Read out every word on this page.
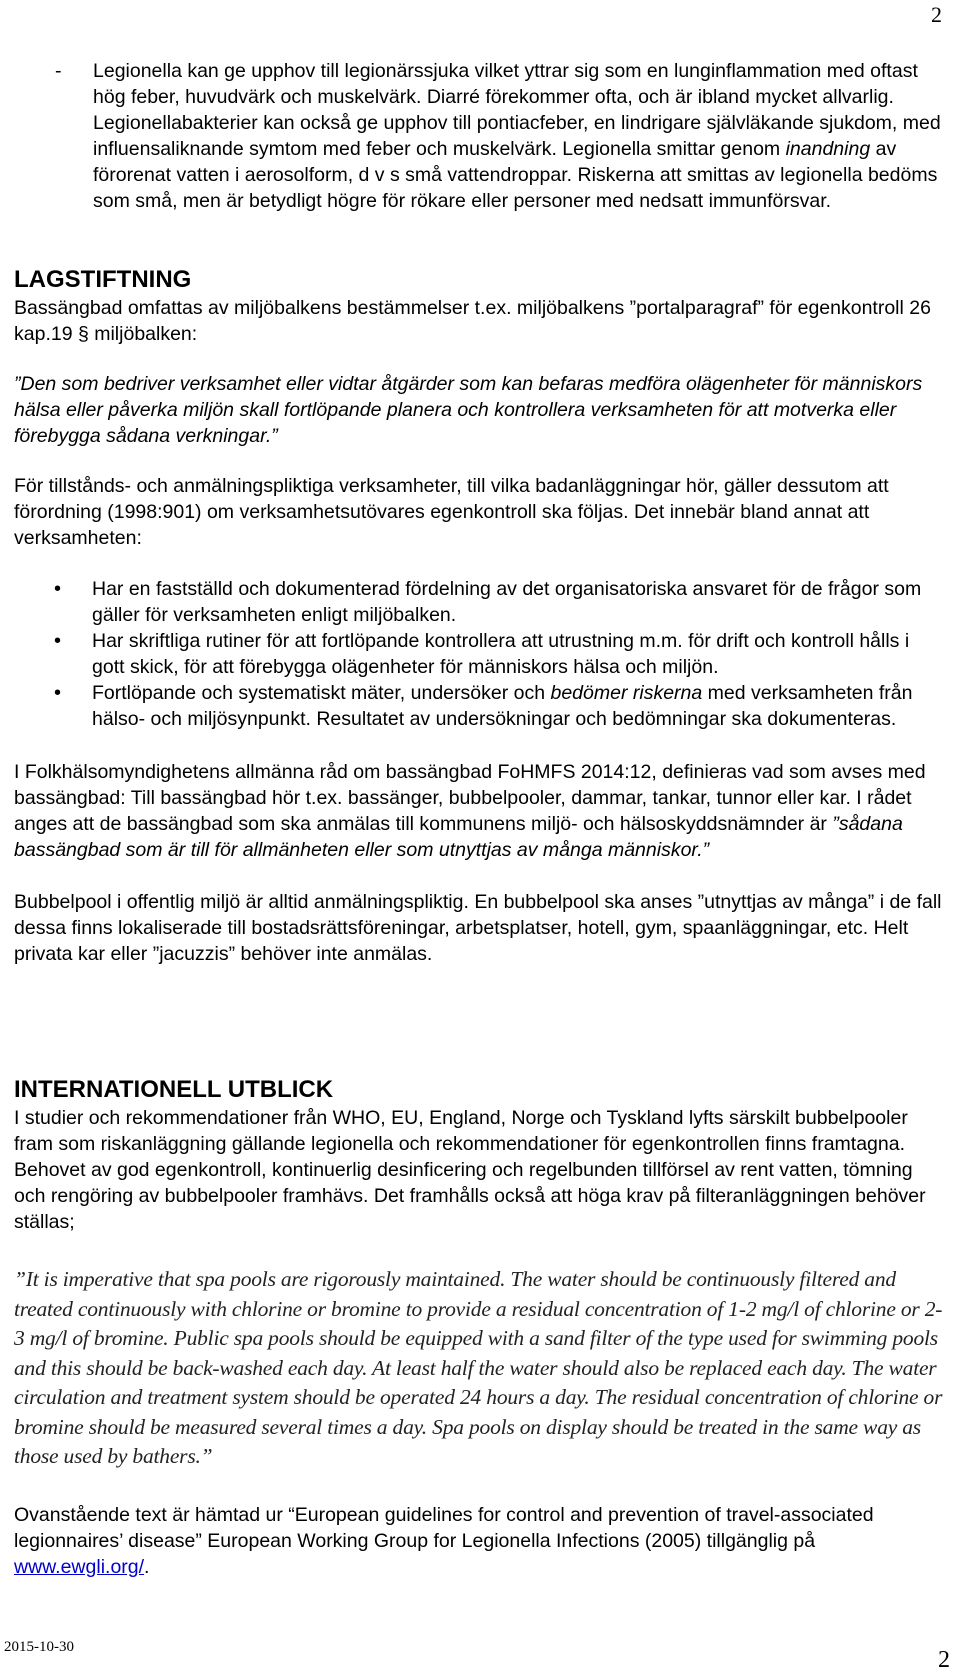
2
- Legionella kan ge upphov till legionärssjuka vilket yttrar sig som en lunginflammation med oftast hög feber, huvudvärk och muskelvärk. Diarré förekommer ofta, och är ibland mycket allvarlig. Legionellabakterier kan också ge upphov till pontiacfeber, en lindrigare självläkande sjukdom, med influensaliknande symtom med feber och muskelvärk. Legionella smittar genom inandning av förorenat vatten i aerosolform, d v s små vattendroppar. Riskerna att smittas av legionella bedöms som små, men är betydligt högre för rökare eller personer med nedsatt immunförsvar.

LAGSTIFTNING

Bassängbad omfattas av miljöbalkens bestämmelser t.ex. miljöbalkens ”portalparagraf” för egenkontroll 26 kap.19 § miljöbalken:

”Den som bedriver verksamhet eller vidtar åtgärder som kan befaras medföra olägenheter för människors hälsa eller påverka miljön skall fortlöpande planera och kontrollera verksamheten för att motverka eller förebygga sådana verkningar.”

För tillstånds- och anmälningspliktiga verksamheter, till vilka badanläggningar hör, gäller dessutom att förordning (1998:901) om verksamhetsutövares egenkontroll ska följas. Det innebär bland annat att verksamheten:

• Har en fastställd och dokumenterad fördelning av det organisatoriska ansvaret för de frågor som gäller för verksamheten enligt miljöbalken.
• Har skriftliga rutiner för att fortlöpande kontrollera att utrustning m.m. för drift och kontroll hålls i gott skick, för att förebygga olägenheter för människors hälsa och miljön.
• Fortlöpande och systematiskt mäter, undersöker och bedömer riskerna med verksamheten från hälso- och miljösynpunkt. Resultatet av undersökningar och bedömningar ska dokumenteras.

I Folkhälsomyndighetens allmänna råd om bassängbad FoHMFS 2014:12, definieras vad som avses med bassängbad: Till bassängbad hör t.ex. bassänger, bubbelpooler, dammar, tankar, tunnor eller kar. I rådet anges att de bassängbad som ska anmälas till kommunens miljö- och hälsoskyddsnämnder är ”sådana bassängbad som är till för allmänheten eller som utnyttjas av många människor.”

Bubbelpool i offentlig miljö är alltid anmälningspliktig. En bubbelpool ska anses ”utnyttjas av många” i de fall dessa finns lokaliserade till bostadsrättsföreningar, arbetsplatser, hotell, gym, spaanläggningar, etc. Helt privata kar eller ”jacuzzis” behöver inte anmälas.

INTERNATIONELL UTBLICK

I studier och rekommendationer från WHO, EU, England, Norge och Tyskland lyfts särskilt bubbelpooler fram som riskanläggning gällande legionella och rekommendationer för egenkontrollen finns framtagna. Behovet av god egenkontroll, kontinuerlig desinficering och regelbunden tillförsel av rent vatten, tömning och rengöring av bubbelpooler framhävs. Det framhålls också att höga krav på filteranläggningen behöver ställas;

”It is imperative that spa pools are rigorously maintained. The water should be continuously filtered and treated continuously with chlorine or bromine to provide a residual concentration of 1-2 mg/l of chlorine or 2-3 mg/l of bromine. Public spa pools should be equipped with a sand filter of the type used for swimming pools and this should be back-washed each day. At least half the water should also be replaced each day. The water circulation and treatment system should be operated 24 hours a day. The residual concentration of chlorine or bromine should be measured several times a day. Spa pools on display should be treated in the same way as those used by bathers.”

Ovanstående text är hämtad ur “European guidelines for control and prevention of travel-associated legionnaires’ disease” European Working Group for Legionella Infections (2005) tillgänglig på www.ewgli.org/.

2015-10-30	2
